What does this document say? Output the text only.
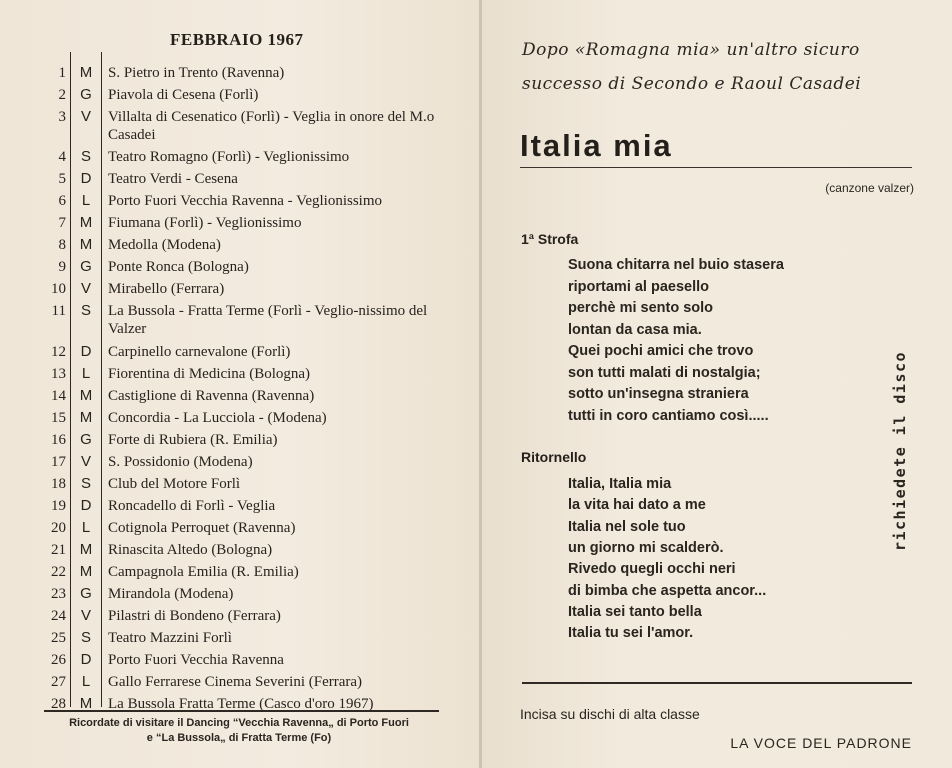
FEBBRAIO 1967
1 M S. Pietro in Trento (Ravenna)
2 G Piavola di Cesena (Forlì)
3 V	Villalta di Cesenatico (Forlì) - Veglia in onore del M.o Casadei
4 S	Teatro Romagno (Forlì) - Veglionissimo
5 D	Teatro Verdi - Cesena
6	L	Porto Fuori Vecchia Ravenna - Veglionissimo
7 M Fiumana (Forlì) - Veglionissimo
8 M Medolla (Modena)
9 G Ponte Ronca (Bologna)
10 V	Mirabello (Ferrara)
11 S	La Bussola - Fratta Terme (Forlì - Veglio-nissimo del Valzer
12 D	Carpinello carnevalone (Forlì)
13	L	Fiorentina di Medicina (Bologna)
14 M Castiglione di Ravenna (Ravenna)
15 M Concordia - La Lucciola - (Modena)
16 G Forte di Rubiera (R. Emilia)
17 V	S. Possidonio (Modena)
18 S	Club del Motore Forlì
19 D	Roncadello di Forlì - Veglia
20	L	Cotignola Perroquet (Ravenna)
21 M Rinascita Altedo (Bologna)
22 M Campagnola Emilia (R. Emilia)
23 G Mirandola (Modena)
24 V	Pilastri di Bondeno (Ferrara)
25 S	Teatro Mazzini Forlì
26 D	Porto Fuori Vecchia Ravenna
27	L	Gallo Ferrarese Cinema Severini (Ferrara)
28 M La Bussola Fratta Terme (Casco d'oro 1967)
Ricordate di visitare il Dancing “Vecchia Ravenna„ di Porto Fuori
e “La Bussola„ di Fratta Terme (Fo)
Dopo «Romagna mia» un'altro sicuro
successo di Secondo e Raoul Casadei
Italia mia
(canzone valzer)
1ª Strofa
Suona chitarra nel buio stasera
riportami al paesello
perchè mi sento solo
lontan da casa mia.
Quei pochi amici che trovo
son tutti malati di nostalgia;
sotto un'insegna straniera
tutti in coro cantiamo così.....
Ritornello
Italia, Italia mia
la vita hai dato a me
Italia nel sole tuo
un giorno mi scalderò.
Rivedo quegli occhi neri
di bimba che aspetta ancor...
Italia sei tanto bella
Italia tu sei l'amor.
richiedete il disco
Incisa su dischi di alta classe
LA VOCE DEL PADRONE
